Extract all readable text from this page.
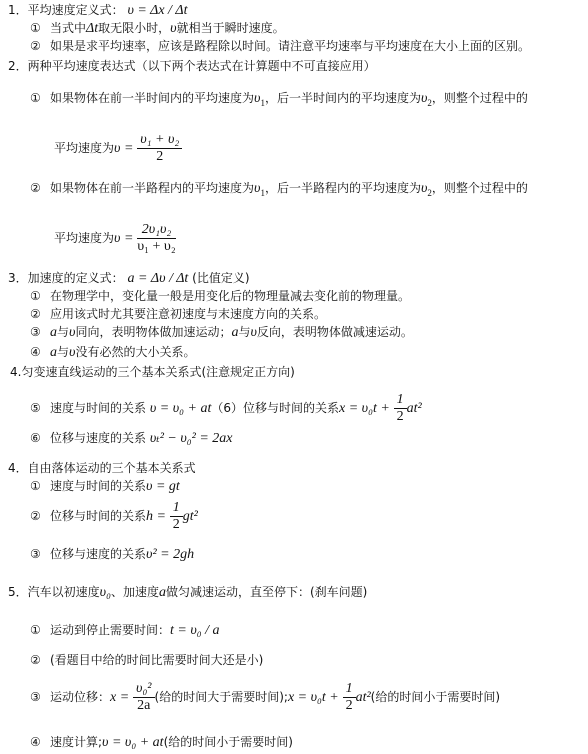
1．平均速度定义式： υ = Δx / Δt
① 当式中Δt取无限小时，υ就相当于瞬时速度。
② 如果是求平均速率，应该是路程除以时间。请注意平均速率与平均速度在大小上面的区别。
2．两种平均速度表达式（以下两个表达式在计算题中不可直接应用）
① 如果物体在前一半时间内的平均速度为$\upsilon_1$，后一半时间内的平均速度为$\upsilon_2$，则整个过程中的
平均速度为$\upsilon = \frac{\text{υ₁ + υ₂}}{2}$
② 如果物体在前一半路程内的平均速度为$\upsilon_1$，后一半路程内的平均速度为$\upsilon_2$，则整个过程中的
平均速度为$\upsilon = \frac{\text{2υ₁υ₂}}{\text{υ₁ + υ₂}}$
3．加速度的定义式： a = Δυ / Δt (比值定义)
① 在物理学中，变化量一般是用变化后的物理量减去变化前的物理量。
② 应用该式时尤其要注意初速度与末速度方向的关系。
③ a与υ同向，表明物体做加速运动；a与υ反向，表明物体做减速运动。
④ a与υ没有必然的大小关系。
4.匀变速直线运动的三个基本关系式(注意规定正方向)
⑤ 速度与时间的关系 υ = υ₀ + at（6）位移与时间的关系$x = \upsilon_0t + \frac{1}{2} at^2$
⑥ 位移与速度的关系 υₜ² − υ₀² = 2ax
4．自由落体运动的三个基本关系式
① 速度与时间的关系υ = gt
② 位移与时间的关系$h = \frac{1}{2} gt^2$
③ 位移与速度的关系υ² = 2gh
5．汽车以初速度υ₀、加速度a做匀减速运动，直至停下：(刹车问题)
① 运动到停止需要时间：t = υ₀ / a
② (看题目中给的时间比需要时间大还是小)
③ 运动位移：$x = \frac{\text{υ₀²}}{2a}$ (给的时间大于需要时间);x = $\upsilon_0t + \frac{1}{2} at^2$(给的时间小于需要时间)
④ 速度计算;υ = υ₀ + at(给的时间小于需要时间)
